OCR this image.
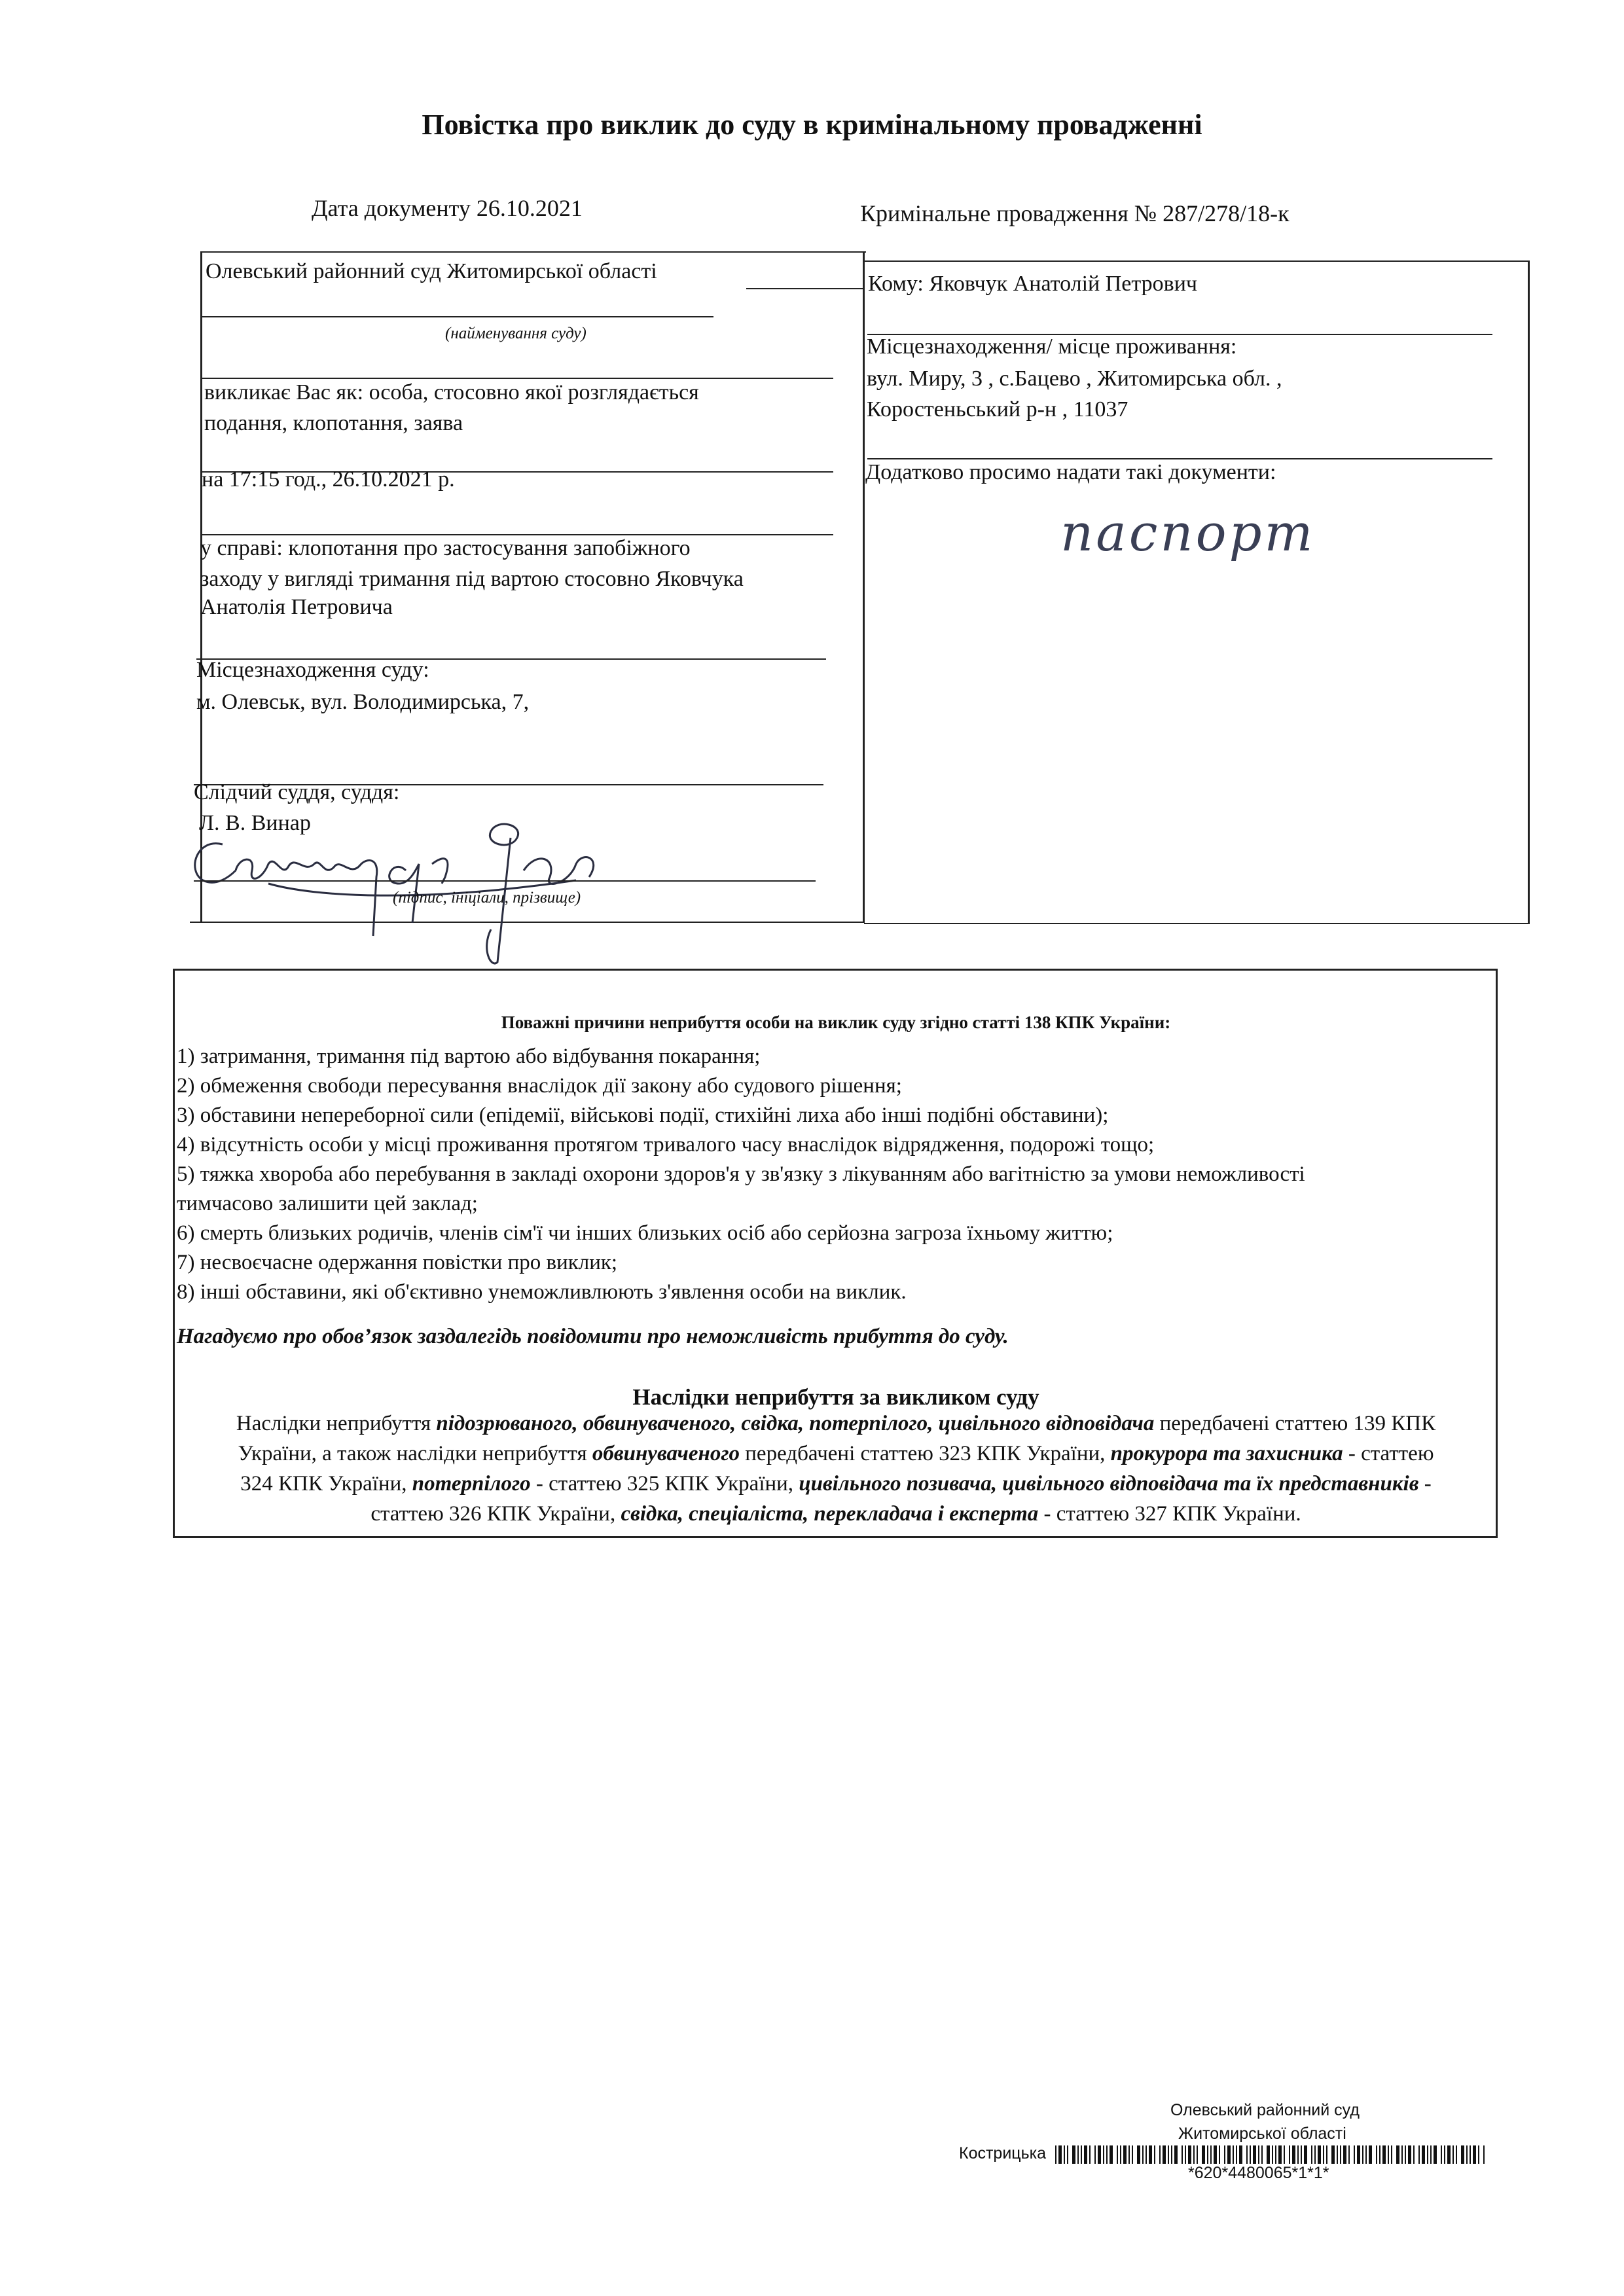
Повістка про виклик до суду в кримінальному провадженні
Дата документу 26.10.2021	Кримінальне провадження № 287/278/18-к
Олевський районний суд Житомирської області
(найменування суду)
викликає Вас як: особа, стосовно якої розглядається
подання, клопотання, заява
на 17:15 год., 26.10.2021 р.
у справі: клопотання про застосування запобіжного
заходу у вигляді тримання під вартою стосовно Яковчука
Анатолія Петровича
Місцезнаходження суду:
м. Олевськ, вул. Володимирська, 7,
Слідчий суддя, суддя:
Л. В. Винар
(підпис, ініціали, прізвище)
Кому: Яковчук Анатолій Петрович
Місцезнаходження/ місце проживання:
вул. Миру, 3 , с.Бацево , Житомирська обл. ,
Коростеньський р-н , 11037
Додатково просимо надати такі документи:
паспорт
Поважні причини неприбуття особи на виклик суду згідно статті 138 КПК України:
1) затримання, тримання під вартою або відбування покарання;
2) обмеження свободи пересування внаслідок дії закону або судового рішення;
3) обставини непереборної сили (епідемії, військові події, стихійні лиха або інші подібні обставини);
4) відсутність особи у місці проживання протягом тривалого часу внаслідок відрядження, подорожі тощо;
5) тяжка хвороба або перебування в закладі охорони здоров'я у зв'язку з лікуванням або вагітністю за умови неможливості
тимчасово залишити цей заклад;
6) смерть близьких родичів, членів сім'ї чи інших близьких осіб або серйозна загроза їхньому життю;
7) несвоєчасне одержання повістки про виклик;
8) інші обставини, які об'єктивно унеможливлюють з'явлення особи на виклик.
Нагадуємо про обов’язок заздалегідь повідомити про неможливість прибуття до суду.
Наслідки неприбуття за викликом суду
Наслідки неприбуття підозрюваного, обвинуваченого, свідка, потерпілого, цивільного відповідача передбачені статтею 139 КПК
України, а також наслідки неприбуття обвинуваченого передбачені статтею 323 КПК України, прокурора та захисника - статтею
324 КПК України, потерпілого - статтею 325 КПК України, цивільного позивача, цивільного відповідача та їх представників -
статтею 326 КПК України, свідка, спеціаліста, перекладача і експерта - статтею 327 КПК України.
Олевський районний суд
Житомирської області
Кострицька
*620*4480065*1*1*
